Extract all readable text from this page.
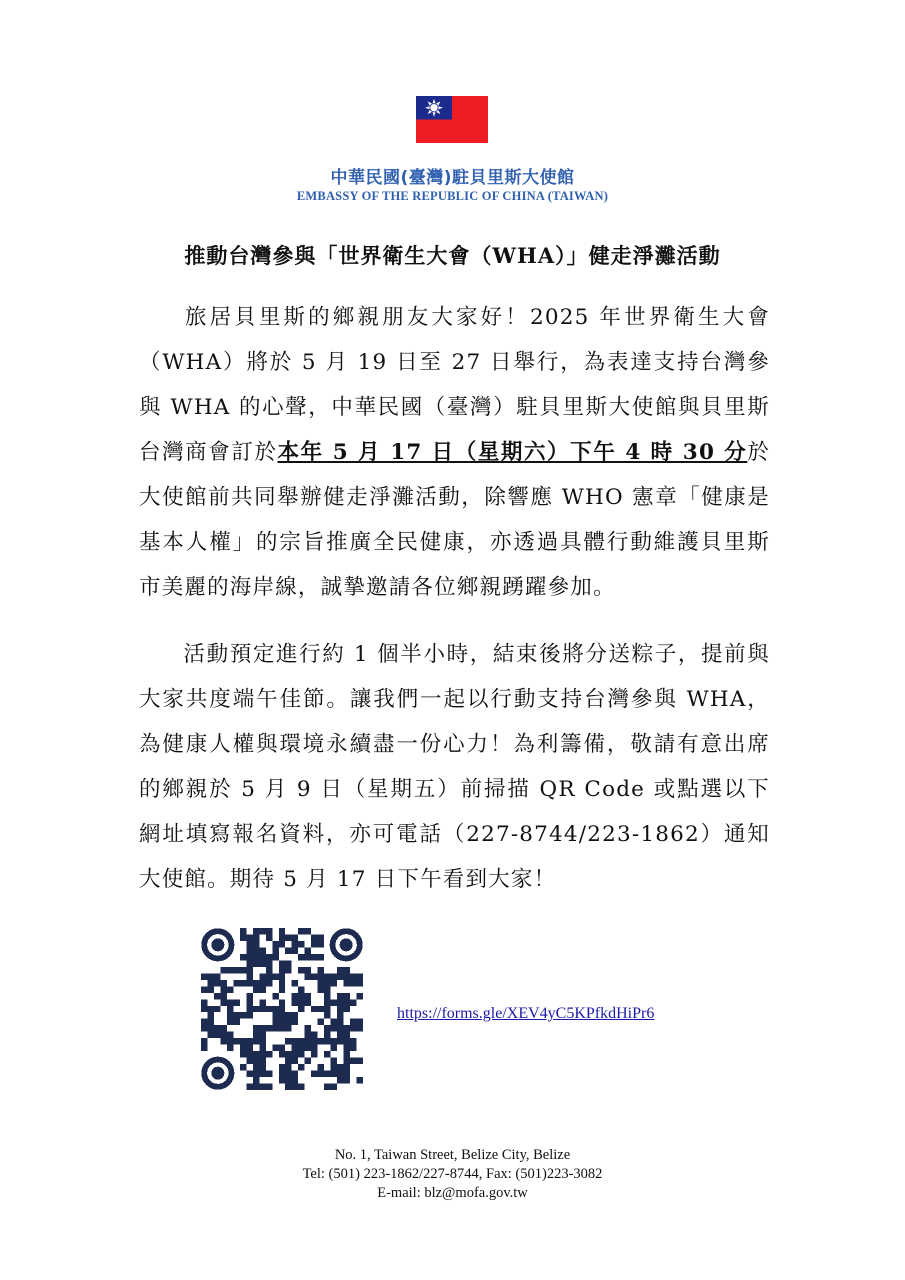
中華民國(臺灣)駐貝里斯大使館
EMBASSY OF THE REPUBLIC OF CHINA (TAIWAN)
推動台灣參與「世界衛生大會（WHA）」健走淨灘活動
旅居貝里斯的鄉親朋友大家好！2025 年世界衛生大會（WHA）將於 5 月 19 日至 27 日舉行，為表達支持台灣參與 WHA 的心聲，中華民國（臺灣）駐貝里斯大使館與貝里斯台灣商會訂於本年 5 月 17 日（星期六）下午 4 時 30 分於大使館前共同舉辦健走淨灘活動，除響應 WHO 憲章「健康是基本人權」的宗旨推廣全民健康，亦透過具體行動維護貝里斯市美麗的海岸線，誠摯邀請各位鄉親踴躍參加。
活動預定進行約 1 個半小時，結束後將分送粽子，提前與大家共度端午佳節。讓我們一起以行動支持台灣參與 WHA，為健康人權與環境永續盡一份心力！為利籌備，敬請有意出席的鄉親於 5 月 9 日（星期五）前掃描 QR Code 或點選以下網址填寫報名資料，亦可電話（227-8744/223-1862）通知大使館。期待 5 月 17 日下午看到大家！
https://forms.gle/XEV4yC5KPfkdHiPr6
No. 1, Taiwan Street, Belize City, Belize
Tel: (501) 223-1862/227-8744, Fax: (501)223-3082
E-mail: blz@mofa.gov.tw
